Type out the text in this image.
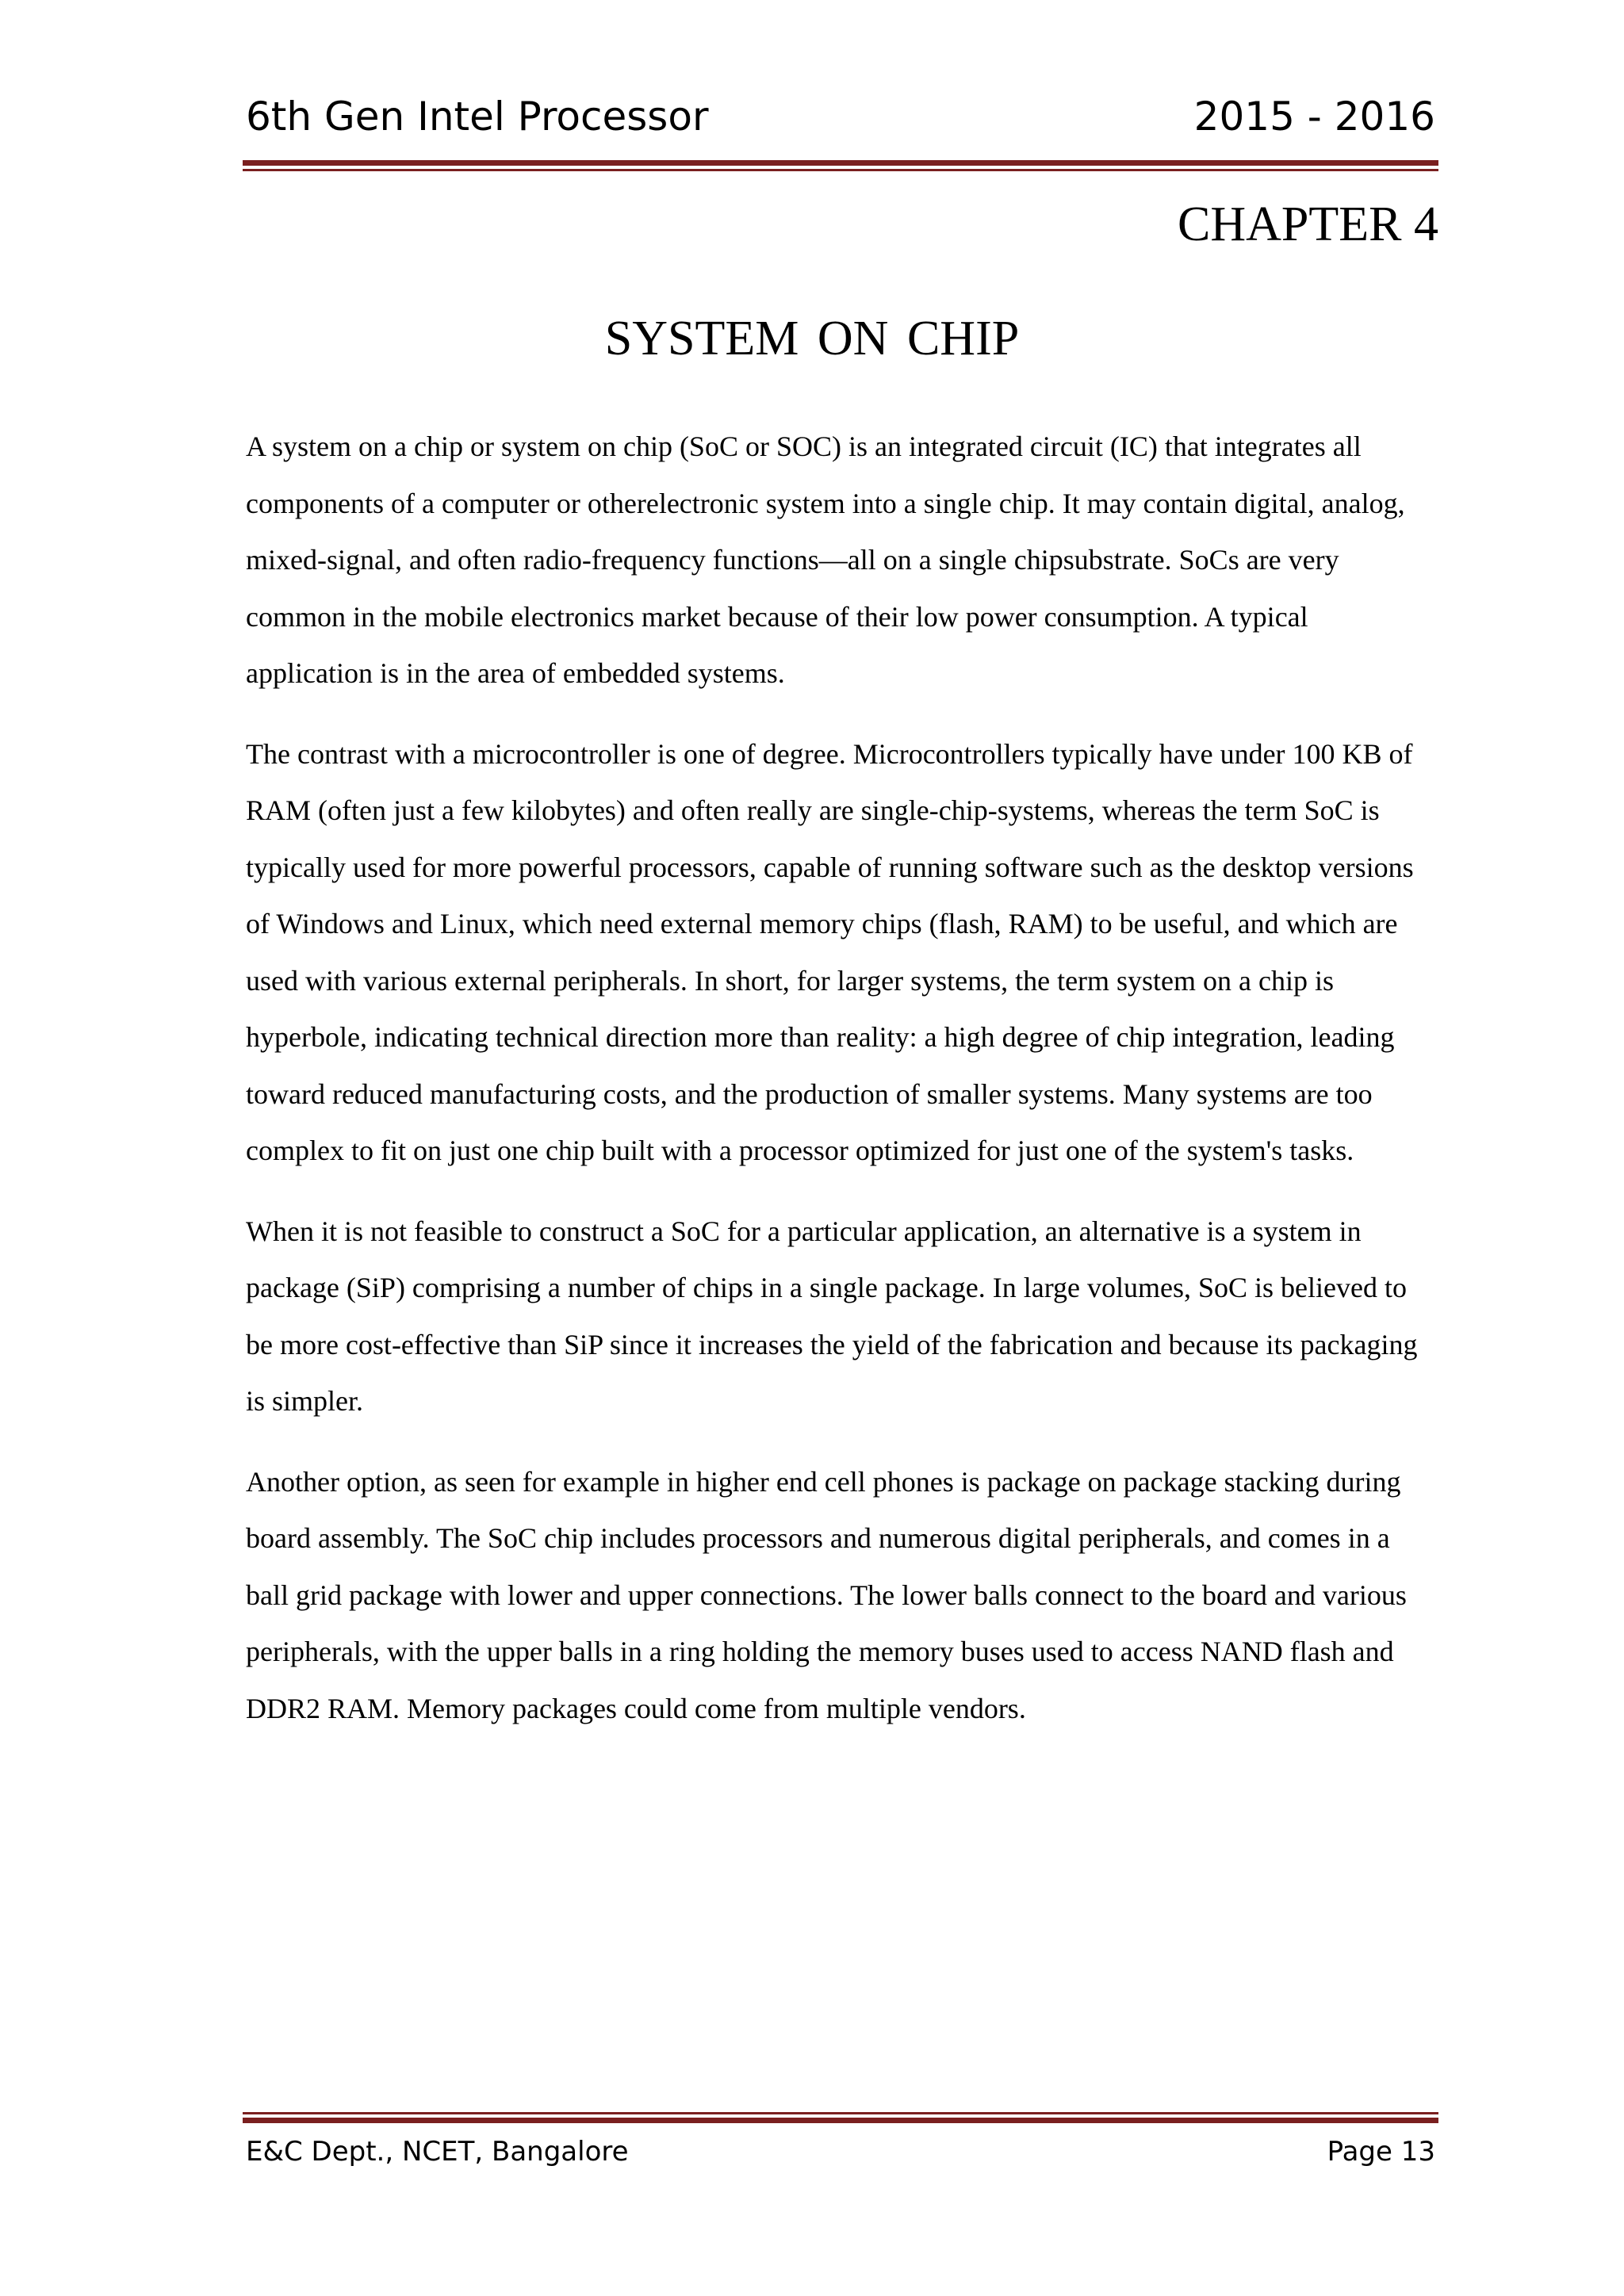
6th Gen Intel Processor	2015 - 2016
CHAPTER 4
SYSTEM ON CHIP

A system on a chip or system on chip (SoC or SOC) is an integrated circuit (IC) that integrates all components of a computer or otherelectronic system into a single chip. It may contain digital, analog, mixed-signal, and often radio-frequency functions—all on a single chipsubstrate. SoCs are very common in the mobile electronics market because of their low power consumption. A typical application is in the area of embedded systems.

The contrast with a microcontroller is one of degree. Microcontrollers typically have under 100 KB of RAM (often just a few kilobytes) and often really are single-chip-systems, whereas the term SoC is typically used for more powerful processors, capable of running software such as the desktop versions of Windows and Linux, which need external memory chips (flash, RAM) to be useful, and which are used with various external peripherals. In short, for larger systems, the term system on a chip is hyperbole, indicating technical direction more than reality: a high degree of chip integration, leading toward reduced manufacturing costs, and the production of smaller systems. Many systems are too complex to fit on just one chip built with a processor optimized for just one of the system's tasks.

When it is not feasible to construct a SoC for a particular application, an alternative is a system in package (SiP) comprising a number of chips in a single package. In large volumes, SoC is believed to be more cost-effective than SiP since it increases the yield of the fabrication and because its packaging is simpler.

Another option, as seen for example in higher end cell phones is package on package stacking during board assembly. The SoC chip includes processors and numerous digital peripherals, and comes in a ball grid package with lower and upper connections. The lower balls connect to the board and various peripherals, with the upper balls in a ring holding the memory buses used to access NAND flash and DDR2 RAM. Memory packages could come from multiple vendors.

E&C Dept., NCET, Bangalore	Page 13
